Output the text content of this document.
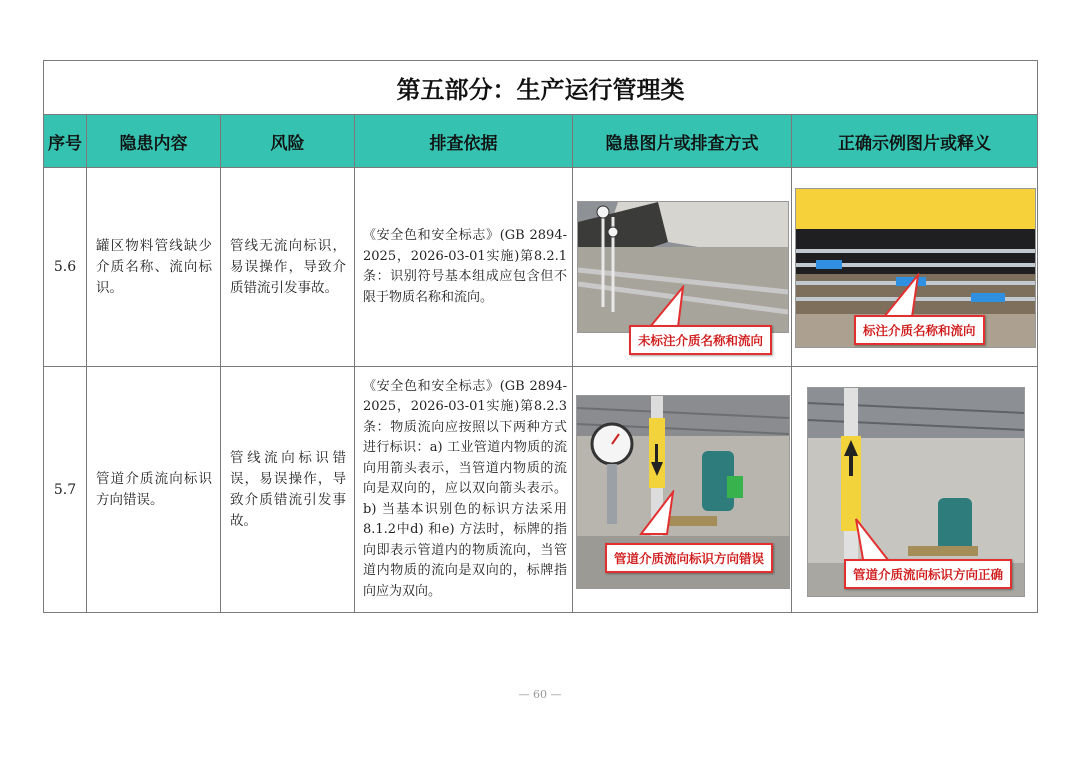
第五部分：生产运行管理类					
序号	隐患内容	风险	排查依据	隐患图片或排查方式	正确示例图片或释义
5.6	罐区物料管线缺少介质名称、流向标识。	管线无流向标识，易误操作，导致介质错流引发事故。	《安全色和安全标志》(GB 2894-2025，2026-03-01实施)第8.2.1条：识别符号基本组成应包含但不限于物质名称和流向。	未标注介质名称和流向	标注介质名称和流向

5.7	管道介质流向标识方向错误。	管线流向标识错误，易误操作，导致介质错流引发事故。	《安全色和安全标志》(GB 2894-2025，2026-03-01实施)第8.2.3条：物质流向应按照以下两种方式进行标识：a) 工业管道内物质的流向用箭头表示，当管道内物质的流向是双向的，应以双向箭头表示。b) 当基本识别色的标识方法采用8.1.2中d) 和e) 方法时，标牌的指向即表示管道内的物质流向，当管道内物质的流向是双向的，标牌指向应为双向。	管道介质流向标识方向错误	管道介质流向标识方向正确
— 60 —
